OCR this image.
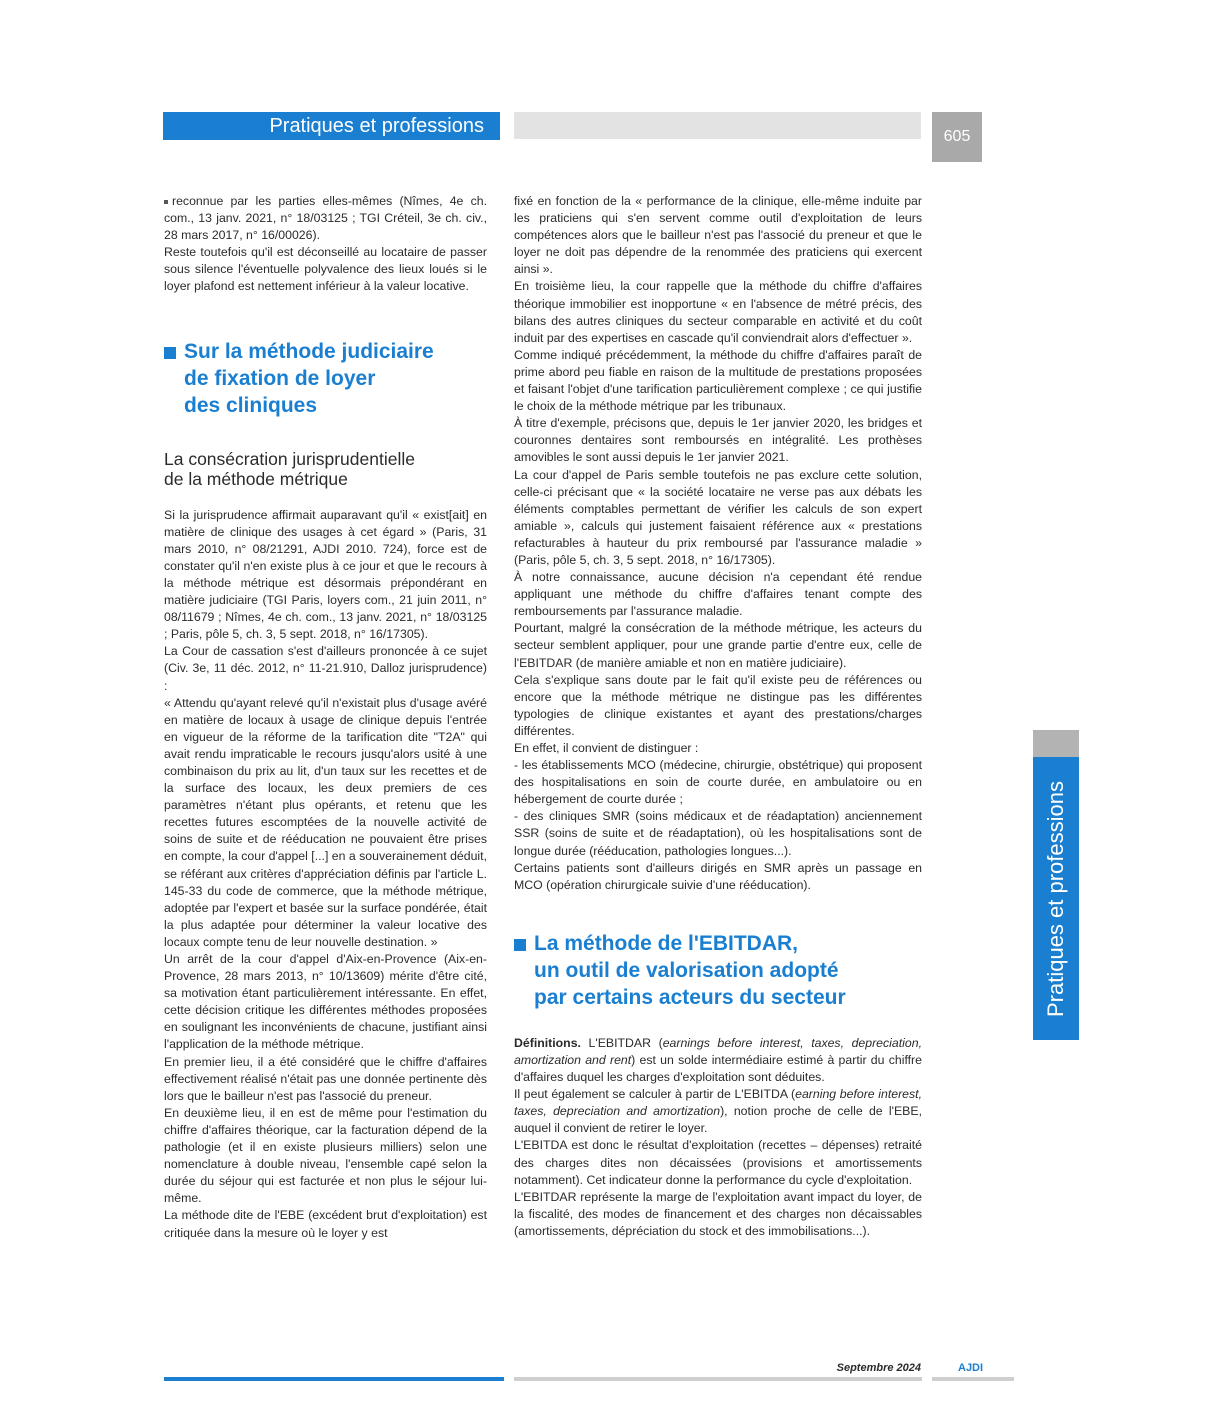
Pratiques et professions	605
Pratiques et professions

reconnue par les parties elles-mêmes (Nîmes, 4e ch. com., 13 janv. 2021, n° 18/03125 ; TGI Créteil, 3e ch. civ., 28 mars 2017, n° 16/00026).

Reste toutefois qu'il est déconseillé au locataire de passer sous silence l'éventuelle polyvalence des lieux loués si le loyer plafond est nettement inférieur à la valeur locative.

Sur la méthode judiciaire
de fixation de loyer
des cliniques
La consécration jurisprudentielle
de la méthode métrique

Si la jurisprudence affirmait auparavant qu'il « exist[ait] en matière de clinique des usages à cet égard » (Paris, 31 mars 2010, n° 08/21291, AJDI 2010. 724), force est de constater qu'il n'en existe plus à ce jour et que le recours à la méthode métrique est désormais prépondérant en matière judiciaire (TGI Paris, loyers com., 21 juin 2011, n° 08/11679 ; Nîmes, 4e ch. com., 13 janv. 2021, n° 18/03125 ; Paris, pôle 5, ch. 3, 5 sept. 2018, n° 16/17305).

La Cour de cassation s'est d'ailleurs prononcée à ce sujet (Civ. 3e, 11 déc. 2012, n° 11-21.910, Dalloz jurisprudence) :

« Attendu qu'ayant relevé qu'il n'existait plus d'usage avéré en matière de locaux à usage de clinique depuis l'entrée en vigueur de la réforme de la tarification dite "T2A" qui avait rendu impraticable le recours jusqu'alors usité à une combinaison du prix au lit, d'un taux sur les recettes et de la surface des locaux, les deux premiers de ces paramètres n'étant plus opérants, et retenu que les recettes futures escomptées de la nouvelle activité de soins de suite et de rééducation ne pouvaient être prises en compte, la cour d'appel [...] en a souverainement déduit, se référant aux critères d'appréciation définis par l'article L. 145-33 du code de commerce, que la méthode métrique, adoptée par l'expert et basée sur la surface pondérée, était la plus adaptée pour déterminer la valeur locative des locaux compte tenu de leur nouvelle destination. »

Un arrêt de la cour d'appel d'Aix-en-Provence (Aix-en-Provence, 28 mars 2013, n° 10/13609) mérite d'être cité, sa motivation étant particulièrement intéressante. En effet, cette décision critique les différentes méthodes proposées en soulignant les inconvénients de chacune, justifiant ainsi l'application de la méthode métrique.

En premier lieu, il a été considéré que le chiffre d'affaires effectivement réalisé n'était pas une donnée pertinente dès lors que le bailleur n'est pas l'associé du preneur.

En deuxième lieu, il en est de même pour l'estimation du chiffre d'affaires théorique, car la facturation dépend de la pathologie (et il en existe plusieurs milliers) selon une nomenclature à double niveau, l'ensemble capé selon la durée du séjour qui est facturée et non plus le séjour lui-même.

La méthode dite de l'EBE (excédent brut d'exploitation) est critiquée dans la mesure où le loyer y est

fixé en fonction de la « performance de la clinique, elle-même induite par les praticiens qui s'en servent comme outil d'exploitation de leurs compétences alors que le bailleur n'est pas l'associé du preneur et que le loyer ne doit pas dépendre de la renommée des praticiens qui exercent ainsi ».

En troisième lieu, la cour rappelle que la méthode du chiffre d'affaires théorique immobilier est inopportune « en l'absence de métré précis, des bilans des autres cliniques du secteur comparable en activité et du coût induit par des expertises en cascade qu'il conviendrait alors d'effectuer ».

Comme indiqué précédemment, la méthode du chiffre d'affaires paraît de prime abord peu fiable en raison de la multitude de prestations proposées et faisant l'objet d'une tarification particulièrement complexe ; ce qui justifie le choix de la méthode métrique par les tribunaux.

À titre d'exemple, précisons que, depuis le 1er janvier 2020, les bridges et couronnes dentaires sont remboursés en intégralité. Les prothèses amovibles le sont aussi depuis le 1er janvier 2021.

La cour d'appel de Paris semble toutefois ne pas exclure cette solution, celle-ci précisant que « la société locataire ne verse pas aux débats les éléments comptables permettant de vérifier les calculs de son expert amiable », calculs qui justement faisaient référence aux « prestations refacturables à hauteur du prix remboursé par l'assurance maladie » (Paris, pôle 5, ch. 3, 5 sept. 2018, n° 16/17305).

À notre connaissance, aucune décision n'a cependant été rendue appliquant une méthode du chiffre d'affaires tenant compte des remboursements par l'assurance maladie.

Pourtant, malgré la consécration de la méthode métrique, les acteurs du secteur semblent appliquer, pour une grande partie d'entre eux, celle de l'EBITDAR (de manière amiable et non en matière judiciaire).

Cela s'explique sans doute par le fait qu'il existe peu de références ou encore que la méthode métrique ne distingue pas les différentes typologies de clinique existantes et ayant des prestations/charges différentes.

En effet, il convient de distinguer :

- les établissements MCO (médecine, chirurgie, obstétrique) qui proposent des hospitalisations en soin de courte durée, en ambulatoire ou en hébergement de courte durée ;

- des cliniques SMR (soins médicaux et de réadaptation) anciennement SSR (soins de suite et de réadaptation), où les hospitalisations sont de longue durée (rééducation, pathologies longues...).

Certains patients sont d'ailleurs dirigés en SMR après un passage en MCO (opération chirurgicale suivie d'une rééducation).

La méthode de l'EBITDAR,
un outil de valorisation adopté
par certains acteurs du secteur

Définitions. L'EBITDAR (earnings before interest, taxes, depreciation, amortization and rent) est un solde intermédiaire estimé à partir du chiffre d'affaires duquel les charges d'exploitation sont déduites.

Il peut également se calculer à partir de L'EBITDA (earning before interest, taxes, depreciation and amortization), notion proche de celle de l'EBE, auquel il convient de retirer le loyer.

L'EBITDA est donc le résultat d'exploitation (recettes – dépenses) retraité des charges dites non décaissées (provisions et amortissements notamment). Cet indicateur donne la performance du cycle d'exploitation.

L'EBITDAR représente la marge de l'exploitation avant impact du loyer, de la fiscalité, des modes de financement et des charges non décaissables (amortissements, dépréciation du stock et des immobilisations...).

Septembre 2024	AJDI
